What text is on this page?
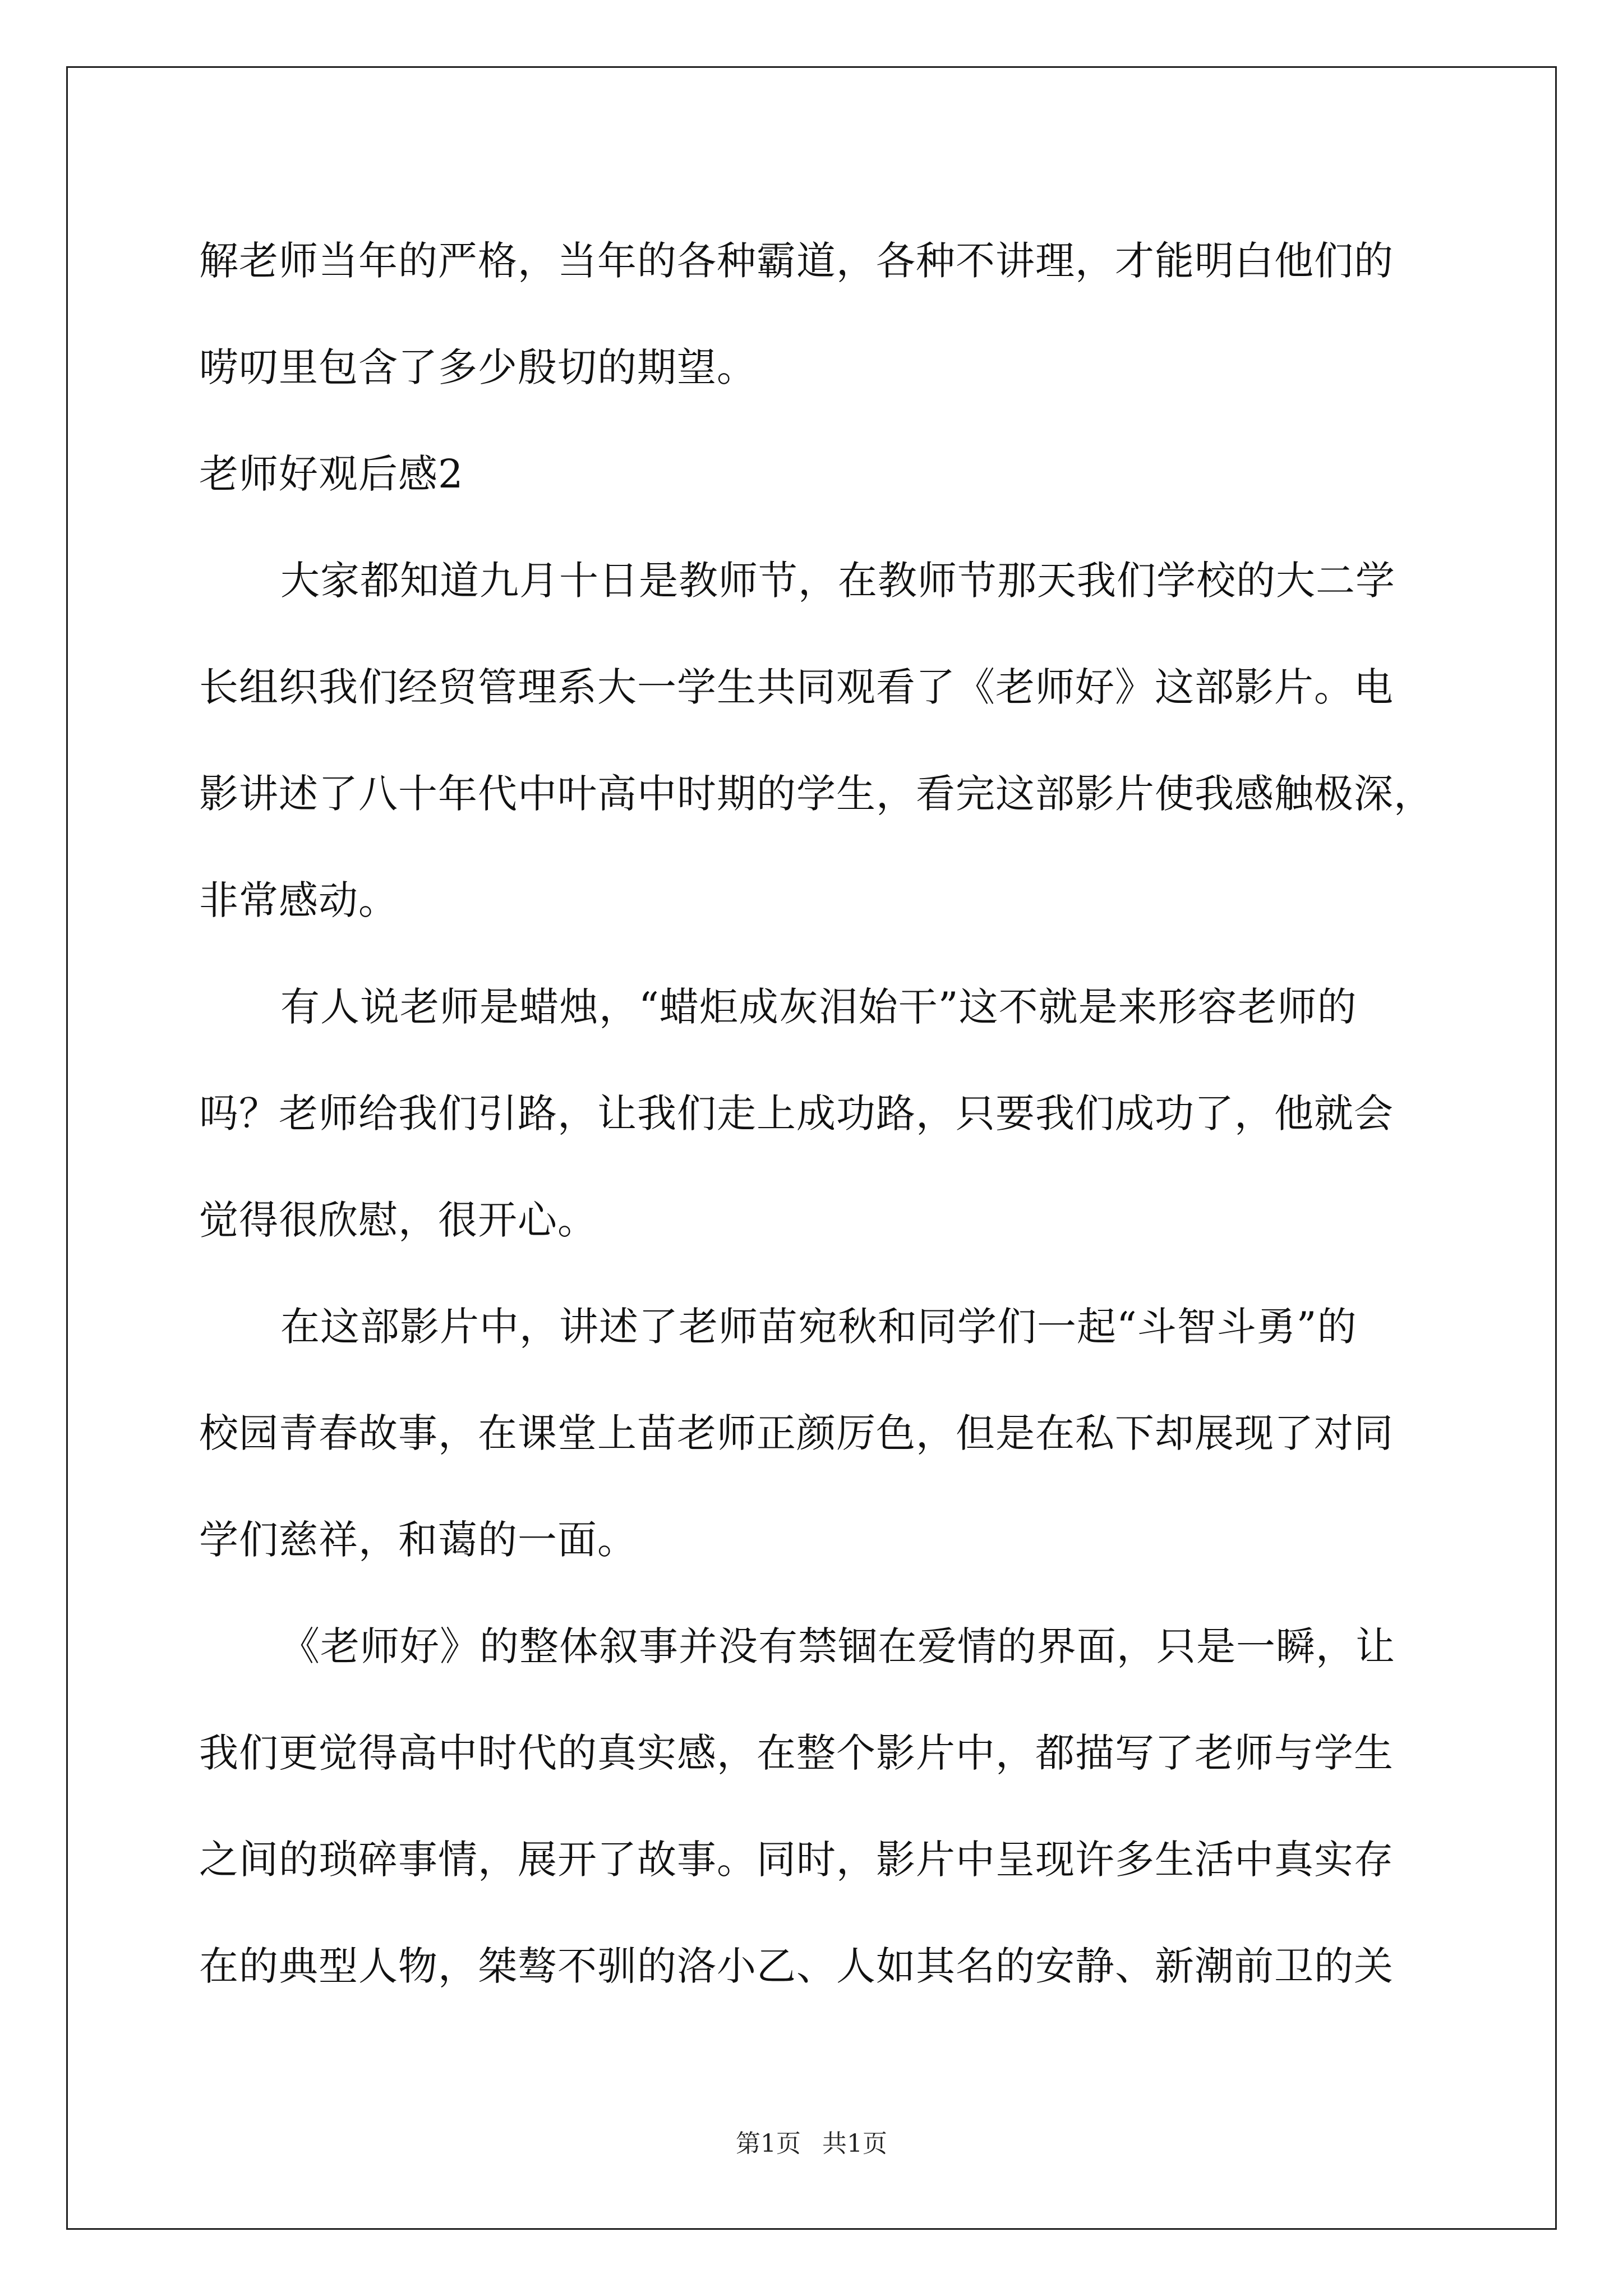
解老师当年的严格，当年的各种霸道，各种不讲理，才能明白他们的
唠叨里包含了多少殷切的期望。
老师好观后感2
大家都知道九月十日是教师节，在教师节那天我们学校的大二学
长组织我们经贸管理系大一学生共同观看了《老师好》这部影片。电
影讲述了八十年代中叶高中时期的学生，看完这部影片使我感触极深，
非常感动。
有人说老师是蜡烛，“蜡炬成灰泪始干”这不就是来形容老师的
吗？老师给我们引路，让我们走上成功路，只要我们成功了，他就会
觉得很欣慰，很开心。
在这部影片中，讲述了老师苗宛秋和同学们一起“斗智斗勇”的
校园青春故事，在课堂上苗老师正颜厉色，但是在私下却展现了对同
学们慈祥，和蔼的一面。
《老师好》的整体叙事并没有禁锢在爱情的界面，只是一瞬，让
我们更觉得高中时代的真实感，在整个影片中，都描写了老师与学生
之间的琐碎事情，展开了故事。同时，影片中呈现许多生活中真实存
在的典型人物，桀骜不驯的洛小乙、人如其名的安静、新潮前卫的关
第1页 共1页
